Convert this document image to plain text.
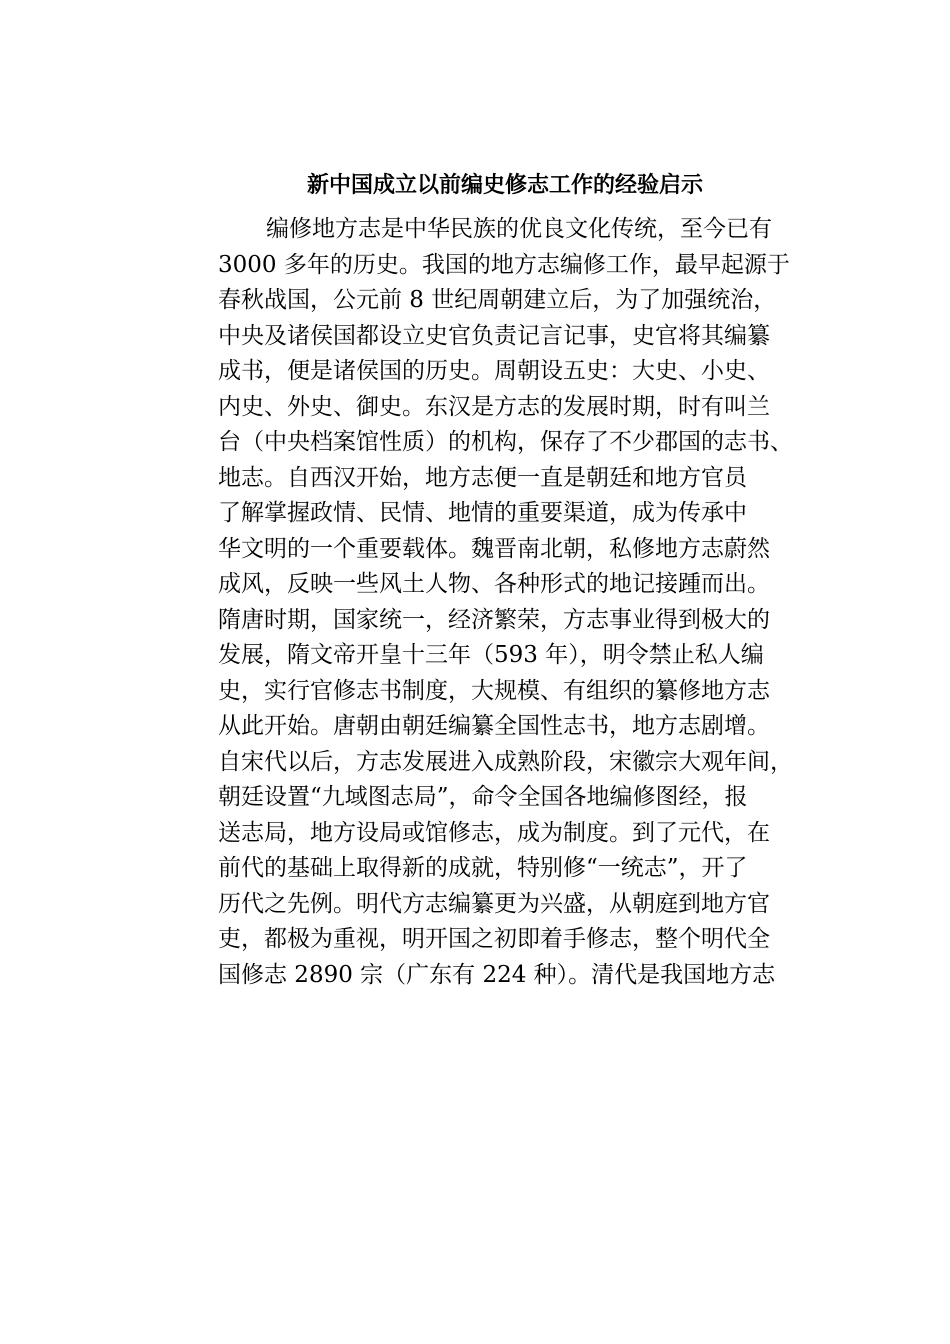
新中国成立以前编史修志工作的经验启示
编修地方志是中华民族的优良文化传统，至今已有
3000 多年的历史。我国的地方志编修工作，最早起源于
春秋战国，公元前 8 世纪周朝建立后，为了加强统治，
中央及诸侯国都设立史官负责记言记事，史官将其编纂
成书，便是诸侯国的历史。周朝设五史：大史、小史、
内史、外史、御史。东汉是方志的发展时期，时有叫兰
台（中央档案馆性质）的机构，保存了不少郡国的志书、
地志。自西汉开始，地方志便一直是朝廷和地方官员
了解掌握政情、民情、地情的重要渠道，成为传承中
华文明的一个重要载体。魏晋南北朝，私修地方志蔚然
成风，反映一些风土人物、各种形式的地记接踵而出。
隋唐时期，国家统一，经济繁荣，方志事业得到极大的
发展，隋文帝开皇十三年（593 年），明令禁止私人编
史，实行官修志书制度，大规模、有组织的纂修地方志
从此开始。唐朝由朝廷编纂全国性志书，地方志剧增。
自宋代以后，方志发展进入成熟阶段，宋徽宗大观年间，
朝廷设置“九域图志局”，命令全国各地编修图经，报
送志局，地方设局或馆修志，成为制度。到了元代，在
前代的基础上取得新的成就，特别修“一统志”，开了
历代之先例。明代方志编纂更为兴盛，从朝庭到地方官
吏，都极为重视，明开国之初即着手修志，整个明代全
国修志 2890 宗（广东有 224 种）。清代是我国地方志
